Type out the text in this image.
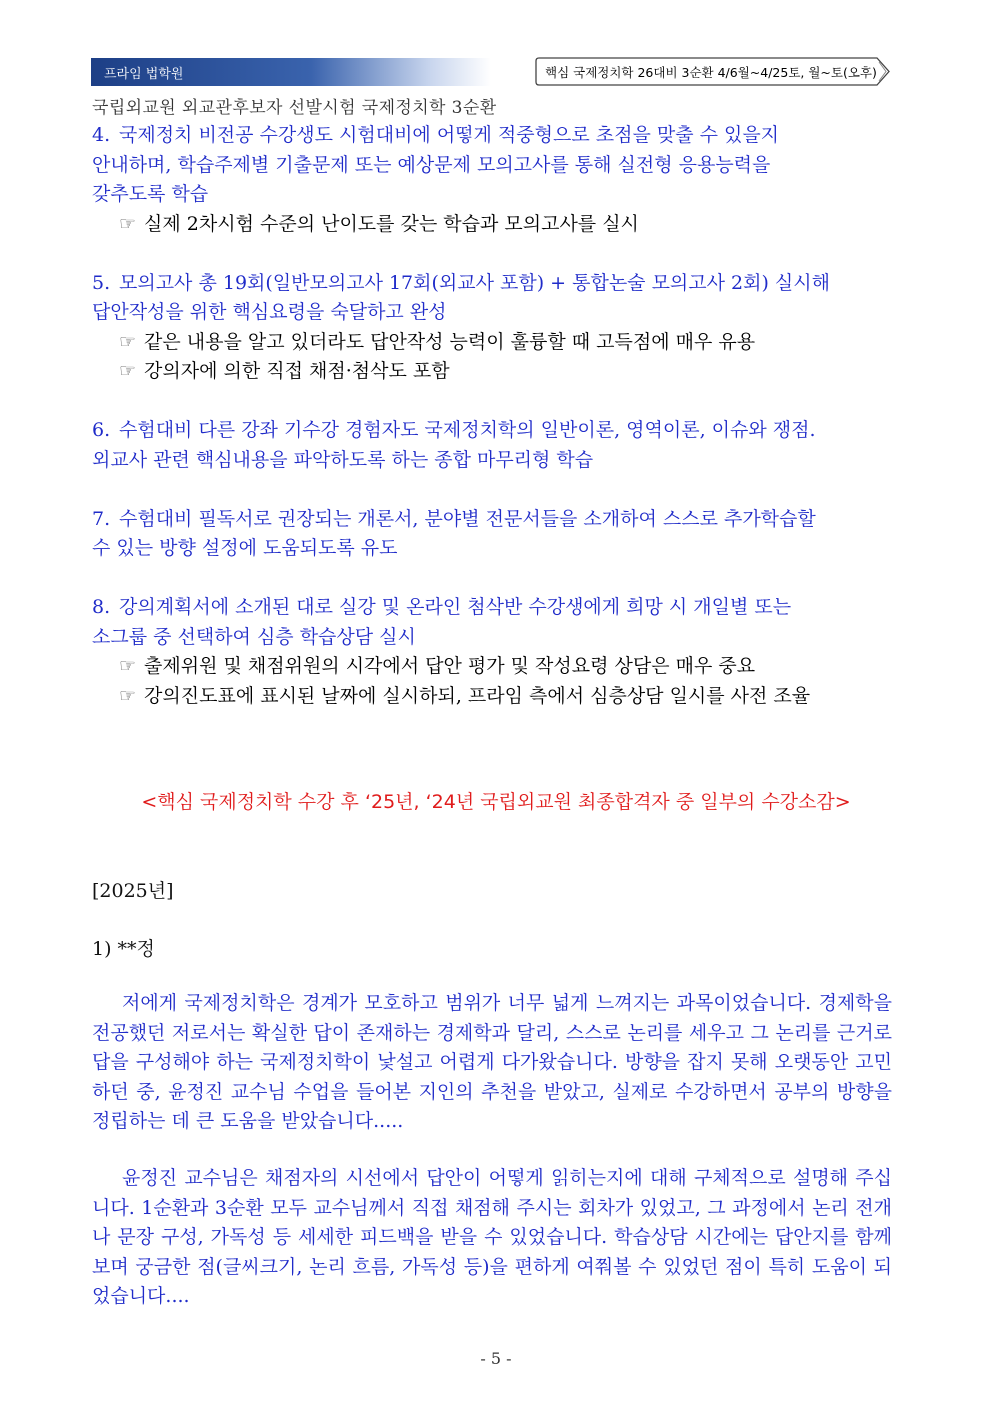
프라임 법학원	핵심 국제정치학 26대비 3순환 4/6월~4/25토, 월~토(오후)
국립외교원 외교관후보자 선발시험 국제정치학 3순환
4. 국제정치 비전공 수강생도 시험대비에 어떻게 적중형으로 초점을 맞출 수 있을지
안내하며, 학습주제별 기출문제 또는 예상문제 모의고사를 통해 실전형 응용능력을
갖추도록 학습
☞ 실제 2차시험 수준의 난이도를 갖는 학습과 모의고사를 실시
5. 모의고사 총 19회(일반모의고사 17회(외교사 포함) + 통합논술 모의고사 2회) 실시해
답안작성을 위한 핵심요령을 숙달하고 완성
☞ 같은 내용을 알고 있더라도 답안작성 능력이 훌륭할 때 고득점에 매우 유용
☞ 강의자에 의한 직접 채점·첨삭도 포함
6. 수험대비 다른 강좌 기수강 경험자도 국제정치학의 일반이론, 영역이론, 이슈와 쟁점.
외교사 관련 핵심내용을 파악하도록 하는 종합 마무리형 학습
7. 수험대비 필독서로 권장되는 개론서, 분야별 전문서들을 소개하여 스스로 추가학습할
수 있는 방향 설정에 도움되도록 유도
8. 강의계획서에 소개된 대로 실강 및 온라인 첨삭반 수강생에게 희망 시 개일별 또는
소그룹 중 선택하여 심층 학습상담 실시
☞ 출제위원 및 채점위원의 시각에서 답안 평가 및 작성요령 상담은 매우 중요
☞ 강의진도표에 표시된 날짜에 실시하되, 프라임 측에서 심층상담 일시를 사전 조율
<핵심 국제정치학 수강 후 ‘25년, ‘24년 국립외교원 최종합격자 중 일부의 수강소감>
[2025년]
1) **정
저에게 국제정치학은 경계가 모호하고 범위가 너무 넓게 느껴지는 과목이었습니다. 경제학을 전공했던 저로서는 확실한 답이 존재하는 경제학과 달리, 스스로 논리를 세우고 그 논리를 근거로 답을 구성해야 하는 국제정치학이 낯설고 어렵게 다가왔습니다. 방향을 잡지 못해 오랫동안 고민하던 중, 윤정진 교수님 수업을 들어본 지인의 추천을 받았고, 실제로 수강하면서 공부의 방향을 정립하는 데 큰 도움을 받았습니다.....
윤정진 교수님은 채점자의 시선에서 답안이 어떻게 읽히는지에 대해 구체적으로 설명해 주십니다. 1순환과 3순환 모두 교수님께서 직접 채점해 주시는 회차가 있었고, 그 과정에서 논리 전개나 문장 구성, 가독성 등 세세한 피드백을 받을 수 있었습니다. 학습상담 시간에는 답안지를 함께 보며 궁금한 점(글씨크기, 논리 흐름, 가독성 등)을 편하게 여쭤볼 수 있었던 점이 특히 도움이 되었습니다....
- 5 -
